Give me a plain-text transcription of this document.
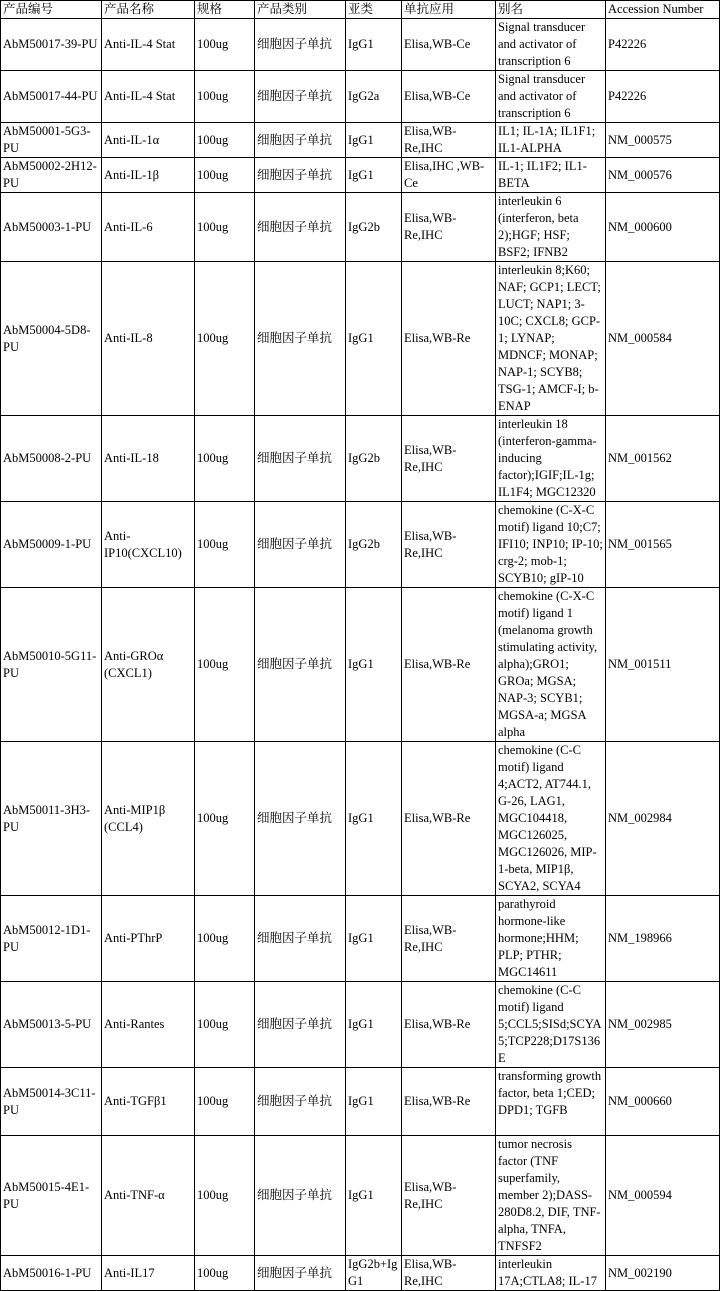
产品编号	产品名称	规格	产品类别	亚类	单抗应用	别名	Accession Number
AbM50017-39-PU	Anti-IL-4 Stat	100ug	细胞因子单抗	IgG1	Elisa,WB-Ce	Signal transducer and activator of transcription 6	P42226
AbM50017-44-PU	Anti-IL-4 Stat	100ug	细胞因子单抗	IgG2a	Elisa,WB-Ce	Signal transducer and activator of transcription 6	P42226
AbM50001-5G3-PU	Anti-IL-1α	100ug	细胞因子单抗	IgG1	Elisa,WB-Re,IHC	IL1; IL-1A; IL1F1; IL1-ALPHA	NM_000575
AbM50002-2H12-PU	Anti-IL-1β	100ug	细胞因子单抗	IgG1	Elisa,IHC ,WB-Ce	IL-1; IL1F2; IL1-BETA	NM_000576
AbM50003-1-PU	Anti-IL-6	100ug	细胞因子单抗	IgG2b	Elisa,WB-Re,IHC	interleukin 6 (interferon, beta 2);HGF; HSF; BSF2; IFNB2	NM_000600
AbM50004-5D8-PU	Anti-IL-8	100ug	细胞因子单抗	IgG1	Elisa,WB-Re	interleukin 8;K60; NAF; GCP1; LECT; LUCT; NAP1; 3-10C; CXCL8; GCP-1; LYNAP; MDNCF; MONAP; NAP-1; SCYB8; TSG-1; AMCF-I; b-ENAP	NM_000584
AbM50008-2-PU	Anti-IL-18	100ug	细胞因子单抗	IgG2b	Elisa,WB-Re,IHC	interleukin 18 (interferon-gamma-inducing factor);IGIF;IL-1g; IL1F4; MGC12320	NM_001562
AbM50009-1-PU	Anti-IP10(CXCL10)	100ug	细胞因子单抗	IgG2b	Elisa,WB-Re,IHC	chemokine (C-X-C motif) ligand 10;C7; IFI10; INP10; IP-10; crg-2; mob-1; SCYB10; gIP-10	NM_001565
AbM50010-5G11-PU	Anti-GROα (CXCL1)	100ug	细胞因子单抗	IgG1	Elisa,WB-Re	chemokine (C-X-C motif) ligand 1 (melanoma growth stimulating activity, alpha);GRO1; GROa; MGSA; NAP-3; SCYB1; MGSA-a; MGSA alpha	NM_001511
AbM50011-3H3-PU	Anti-MIP1β (CCL4)	100ug	细胞因子单抗	IgG1	Elisa,WB-Re	chemokine (C-C motif) ligand 4;ACT2, AT744.1, G-26, LAG1, MGC104418, MGC126025, MGC126026, MIP-1-beta, MIP1β, SCYA2, SCYA4	NM_002984
AbM50012-1D1-PU	Anti-PThrP	100ug	细胞因子单抗	IgG1	Elisa,WB-Re,IHC	parathyroid hormone-like hormone;HHM; PLP; PTHR; MGC14611	NM_198966
AbM50013-5-PU	Anti-Rantes	100ug	细胞因子单抗	IgG1	Elisa,WB-Re	chemokine (C-C motif) ligand 5;CCL5;SISd;SCYA5;TCP228;D17S136E	NM_002985
AbM50014-3C11-PU	Anti-TGFβ1	100ug	细胞因子单抗	IgG1	Elisa,WB-Re	transforming growth factor, beta 1;CED; DPD1; TGFB	NM_000660
AbM50015-4E1-PU	Anti-TNF-α	100ug	细胞因子单抗	IgG1	Elisa,WB-Re,IHC	tumor necrosis factor (TNF superfamily, member 2);DASS-280D8.2, DIF, TNF-alpha, TNFA, TNFSF2	NM_000594
AbM50016-1-PU	Anti-IL17	100ug	细胞因子单抗	IgG2b+IgG1	Elisa,WB-Re,IHC	interleukin 17A;CTLA8; IL-17	NM_002190
